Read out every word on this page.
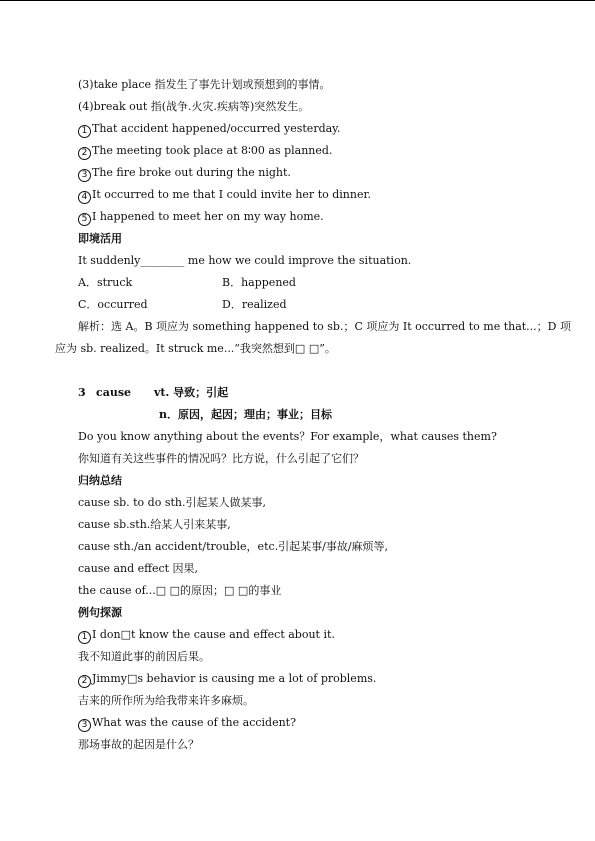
(3)take place 指发生了事先计划或预想到的事情。
(4)break out 指(战争.火灾.疾病等)突然发生。
1 That accident happened/occurred yesterday.
2 The meeting took place at 8∶00 as planned.
3 The fire broke out during the night.
4 It occurred to me that I could invite her to dinner.
5 I happened to meet her on my way home.
即境活用
It suddenly________ me how we could improve the situation.
A．struck	B．happened
C．occurred	D．realized
解析：选 A。B 项应为 something happened to sb.；C 项应为 It occurred to me that...；D 项
应为 sb. realized。It struck me...“我突然想到□ □”。
3 cause vt. 导致；引起
n．原因，起因；理由；事业；目标
Do you know anything about the events？For example，what causes them?
你知道有关这些事件的情况吗？比方说，什么引起了它们？
归纳总结
cause sb. to do sth.引起某人做某事,
cause sb.sth.给某人引来某事,
cause sth./an accident/trouble，etc.引起某事/事故/麻烦等,
cause and effect 因果,
the cause of...□ □的原因；□ □的事业
例句探源
1 I don□t know the cause and effect about it.
我不知道此事的前因后果。
2 Jimmy□s behavior is causing me a lot of problems.
吉来的所作所为给我带来许多麻烦。
3 What was the cause of the accident?
那场事故的起因是什么？
